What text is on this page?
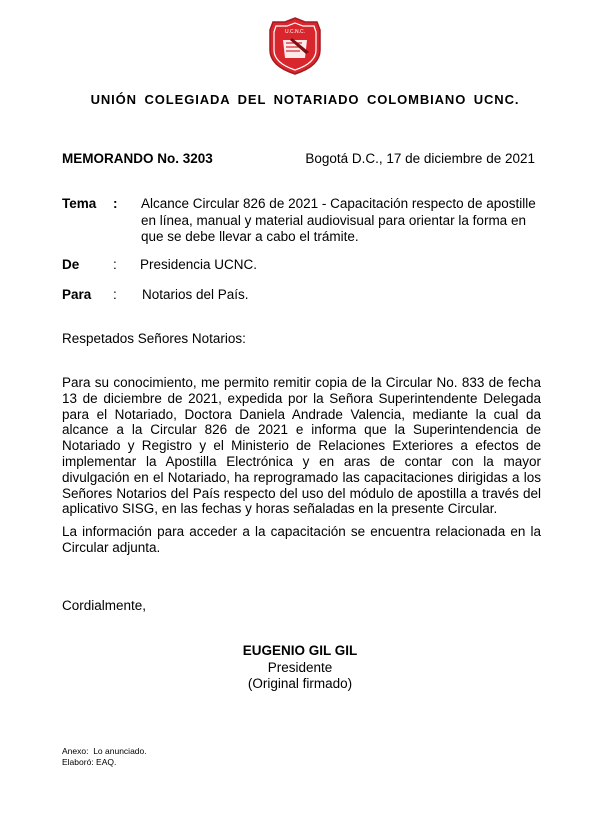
U.C.N.C.
UNIÓN COLEGIADA DEL NOTARIADO COLOMBIANO UCNC.
MEMORANDO No. 3203	Bogotá D.C., 17 de diciembre de 2021
Tema : Alcance Circular 826 de 2021 - Capacitación respecto de apostille en línea, manual y material audiovisual para orientar la forma en que se debe llevar a cabo el trámite.
De : Presidencia UCNC.
Para : Notarios del País.
Respetados Señores Notarios:
Para su conocimiento, me permito remitir copia de la Circular No. 833 de fecha 13 de diciembre de 2021, expedida por la Señora Superintendente Delegada para el Notariado, Doctora Daniela Andrade Valencia, mediante la cual da alcance a la Circular 826 de 2021 e informa que la Superintendencia de Notariado y Registro y el Ministerio de Relaciones Exteriores a efectos de implementar la Apostilla Electrónica y en aras de contar con la mayor divulgación en el Notariado, ha reprogramado las capacitaciones dirigidas a los Señores Notarios del País respecto del uso del módulo de apostilla a través del aplicativo SISG, en las fechas y horas señaladas en la presente Circular.
La información para acceder a la capacitación se encuentra relacionada en la Circular adjunta.
Cordialmente,
EUGENIO GIL GIL
Presidente
(Original firmado)
Anexo: Lo anunciado.
Elaboró: EAQ.
